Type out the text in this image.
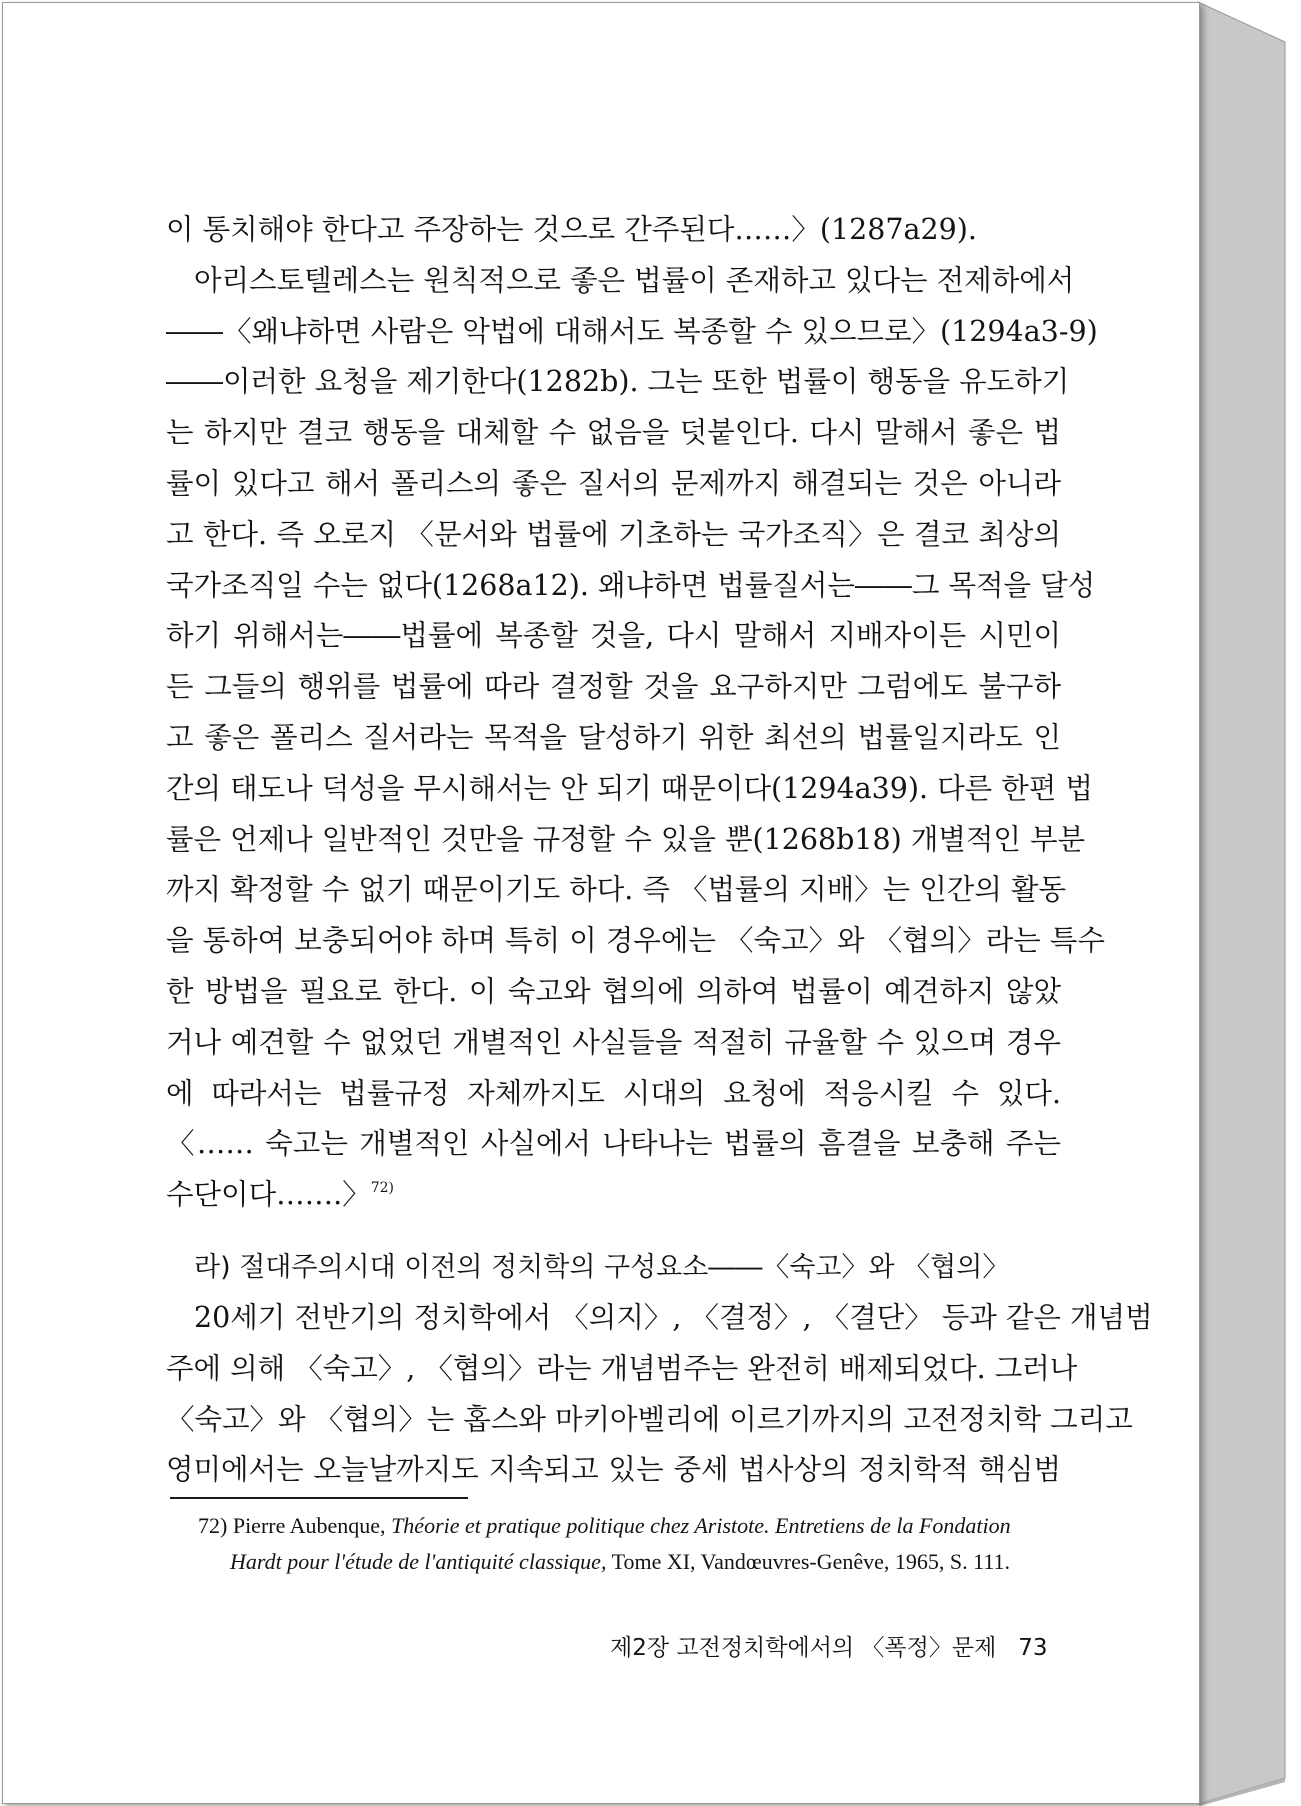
이 통치해야 한다고 주장하는 것으로 간주된다……〉(1287a29).
아리스토텔레스는 원칙적으로 좋은 법률이 존재하고 있다는 전제하에서
――〈왜냐하면 사람은 악법에 대해서도 복종할 수 있으므로〉(1294a3-9)
――이러한 요청을 제기한다(1282b). 그는 또한 법률이 행동을 유도하기
는 하지만 결코 행동을 대체할 수 없음을 덧붙인다. 다시 말해서 좋은 법
률이 있다고 해서 폴리스의 좋은 질서의 문제까지 해결되는 것은 아니라
고 한다. 즉 오로지 〈문서와 법률에 기초하는 국가조직〉은 결코 최상의
국가조직일 수는 없다(1268a12). 왜냐하면 법률질서는――그 목적을 달성
하기 위해서는――법률에 복종할 것을, 다시 말해서 지배자이든 시민이
든 그들의 행위를 법률에 따라 결정할 것을 요구하지만 그럼에도 불구하
고 좋은 폴리스 질서라는 목적을 달성하기 위한 최선의 법률일지라도 인
간의 태도나 덕성을 무시해서는 안 되기 때문이다(1294a39). 다른 한편 법
률은 언제나 일반적인 것만을 규정할 수 있을 뿐(1268b18) 개별적인 부분
까지 확정할 수 없기 때문이기도 하다. 즉 〈법률의 지배〉는 인간의 활동
을 통하여 보충되어야 하며 특히 이 경우에는 〈숙고〉와 〈협의〉라는 특수
한 방법을 필요로 한다. 이 숙고와 협의에 의하여 법률이 예견하지 않았
거나 예견할 수 없었던 개별적인 사실들을 적절히 규율할 수 있으며 경우
에 따라서는 법률규정 자체까지도 시대의 요청에 적응시킬 수 있다.
〈…… 숙고는 개별적인 사실에서 나타나는 법률의 흠결을 보충해 주는
수단이다…….〉$^{72)}$
라) 절대주의시대 이전의 정치학의 구성요소――〈숙고〉와 〈협의〉
20세기 전반기의 정치학에서 〈의지〉, 〈결정〉, 〈결단〉 등과 같은 개념범
주에 의해 〈숙고〉, 〈협의〉라는 개념범주는 완전히 배제되었다. 그러나
〈숙고〉와 〈협의〉는 홉스와 마키아벨리에 이르기까지의 고전정치학 그리고
영미에서는 오늘날까지도 지속되고 있는 중세 법사상의 정치학적 핵심범
72) Pierre Aubenque, Théorie et pratique politique chez Aristote. Entretiens de la Fondation
Hardt pour l'étude de l'antiquité classique, Tome XI, Vandœuvres-Genêve, 1965, S. 111.
제2장 고전정치학에서의 〈폭정〉문제 73
